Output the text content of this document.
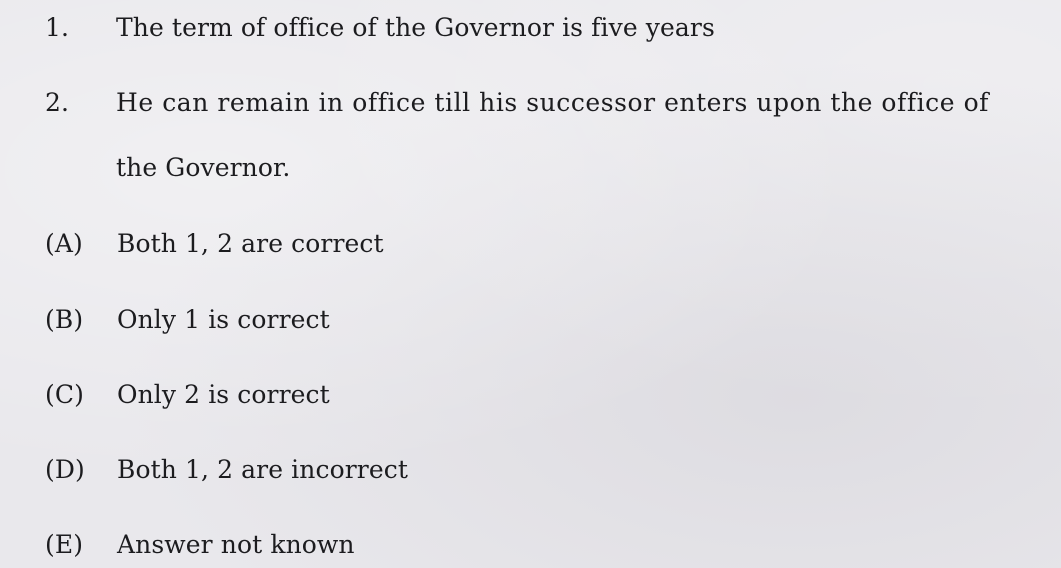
1. The term of office of the Governor is five years
2. He can remain in office till his successor enters upon the office of
the Governor.
(A) Both 1, 2 are correct
(B) Only 1 is correct
(C) Only 2 is correct
(D) Both 1, 2 are incorrect
(E) Answer not known
